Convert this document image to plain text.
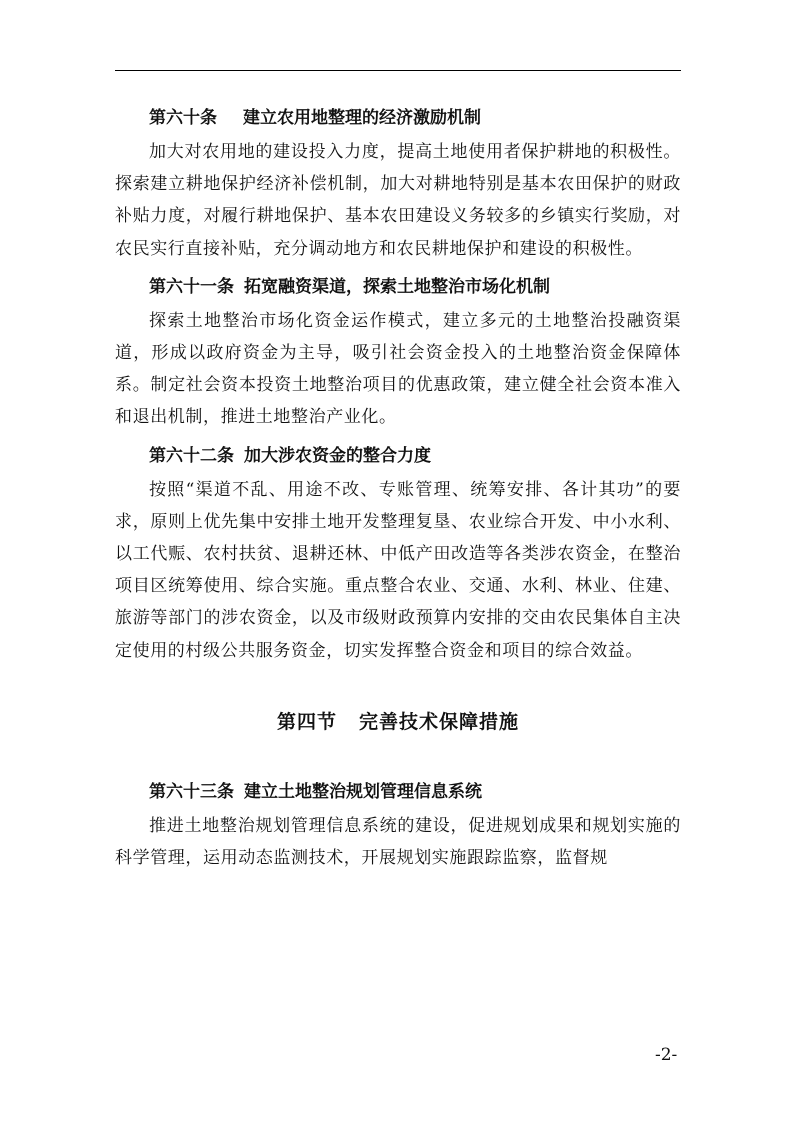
第六十条 建立农用地整理的经济激励机制

加大对农用地的建设投入力度，提高土地使用者保护耕地的积极性。探索建立耕地保护经济补偿机制，加大对耕地特别是基本农田保护的财政补贴力度，对履行耕地保护、基本农田建设义务较多的乡镇实行奖励，对农民实行直接补贴，充分调动地方和农民耕地保护和建设的积极性。

第六十一条 拓宽融资渠道，探索土地整治市场化机制

探索土地整治市场化资金运作模式，建立多元的土地整治投融资渠道，形成以政府资金为主导，吸引社会资金投入的土地整治资金保障体系。制定社会资本投资土地整治项目的优惠政策，建立健全社会资本准入和退出机制，推进土地整治产业化。

第六十二条 加大涉农资金的整合力度

按照“渠道不乱、用途不改、专账管理、统筹安排、各计其功”的要求，原则上优先集中安排土地开发整理复垦、农业综合开发、中小水利、以工代赈、农村扶贫、退耕还林、中低产田改造等各类涉农资金，在整治项目区统筹使用、综合实施。重点整合农业、交通、水利、林业、住建、旅游等部门的涉农资金，以及市级财政预算内安排的交由农民集体自主决定使用的村级公共服务资金，切实发挥整合资金和项目的综合效益。

第四节 完善技术保障措施
第六十三条 建立土地整治规划管理信息系统

推进土地整治规划管理信息系统的建设，促进规划成果和规划实施的科学管理，运用动态监测技术，开展规划实施跟踪监察，监督规

-2-
